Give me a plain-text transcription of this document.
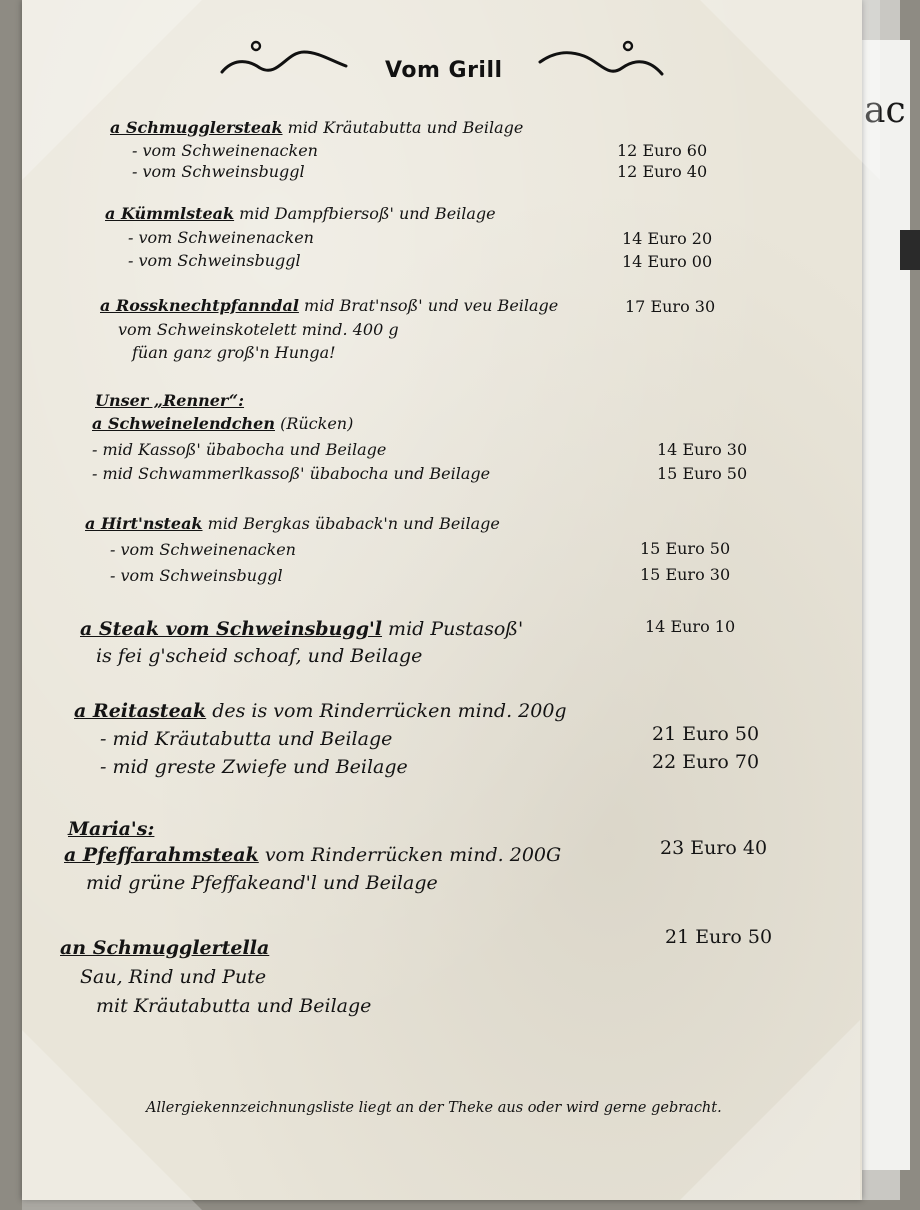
ac
Vom Grill
a Schmugglersteak mid Kräutabutta und Beilage
- vom Schweinenacken	12 Euro 60
- vom Schweinsbuggl	12 Euro 40
a Kümmlsteak mid Dampfbiersoß' und Beilage
- vom Schweinenacken	14 Euro 20
- vom Schweinsbuggl	14 Euro 00
a Rossknechtpfanndal mid Brat'nsoß' und veu Beilage	17 Euro 30
vom Schweinskotelett mind. 400 g
füan ganz groß'n Hunga!
Unser „Renner“:
a Schweinelendchen (Rücken)
- mid Kassoß' übabocha und Beilage	14 Euro 30
- mid Schwammerlkassoß' übabocha und Beilage	15 Euro 50
a Hirt'nsteak mid Bergkas übaback'n und Beilage
- vom Schweinenacken	15 Euro 50
- vom Schweinsbuggl	15 Euro 30
a Steak vom Schweinsbugg'l mid Pustasoß'	14 Euro 10
is fei g'scheid schoaf, und Beilage
a Reitasteak des is vom Rinderrücken mind. 200g
- mid Kräutabutta und Beilage	21 Euro 50
- mid greste Zwiefe und Beilage	22 Euro 70
Maria's:
a Pfeffarahmsteak vom Rinderrücken mind. 200G	23 Euro 40
mid grüne Pfeffakeand'l und Beilage
an Schmugglertella	21 Euro 50
Sau, Rind und Pute
mit Kräutabutta und Beilage
Allergiekennzeichnungsliste liegt an der Theke aus oder wird gerne gebracht.
